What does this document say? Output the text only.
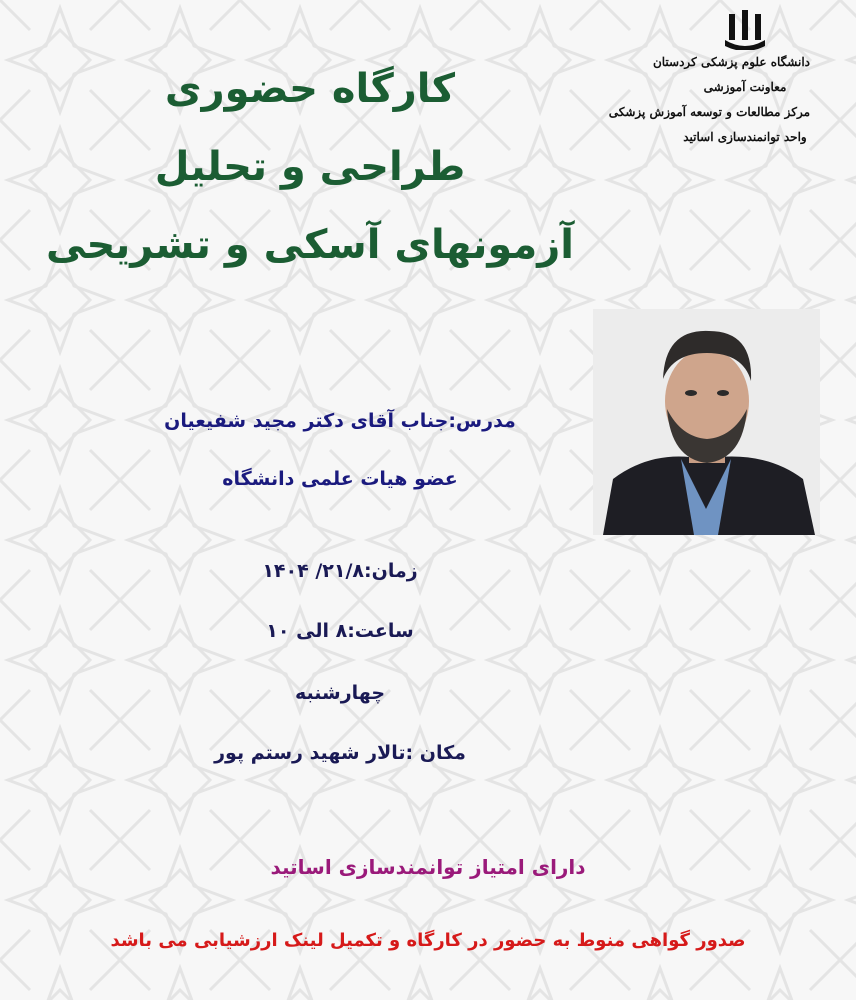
دانشگاه علوم پزشکی کردستان
معاونت آموزشی
مرکز مطالعات و توسعه آموزش پزشکی
واحد توانمندسازی اساتید
کارگاه حضوری
طراحی و تحلیل
آزمونهای آسکی و تشریحی
مدرس:جناب آقای دکتر مجید شفیعیان
عضو هیات علمی دانشگاه
زمان:۲۱/۸/ ۱۴۰۴
ساعت:۸ الی ۱۰
چهارشنبه
مکان :تالار شهید رستم پور
دارای امتیاز توانمندسازی اساتید
صدور گواهی منوط به حضور در کارگاه و تکمیل لینک ارزشیابی می باشد
